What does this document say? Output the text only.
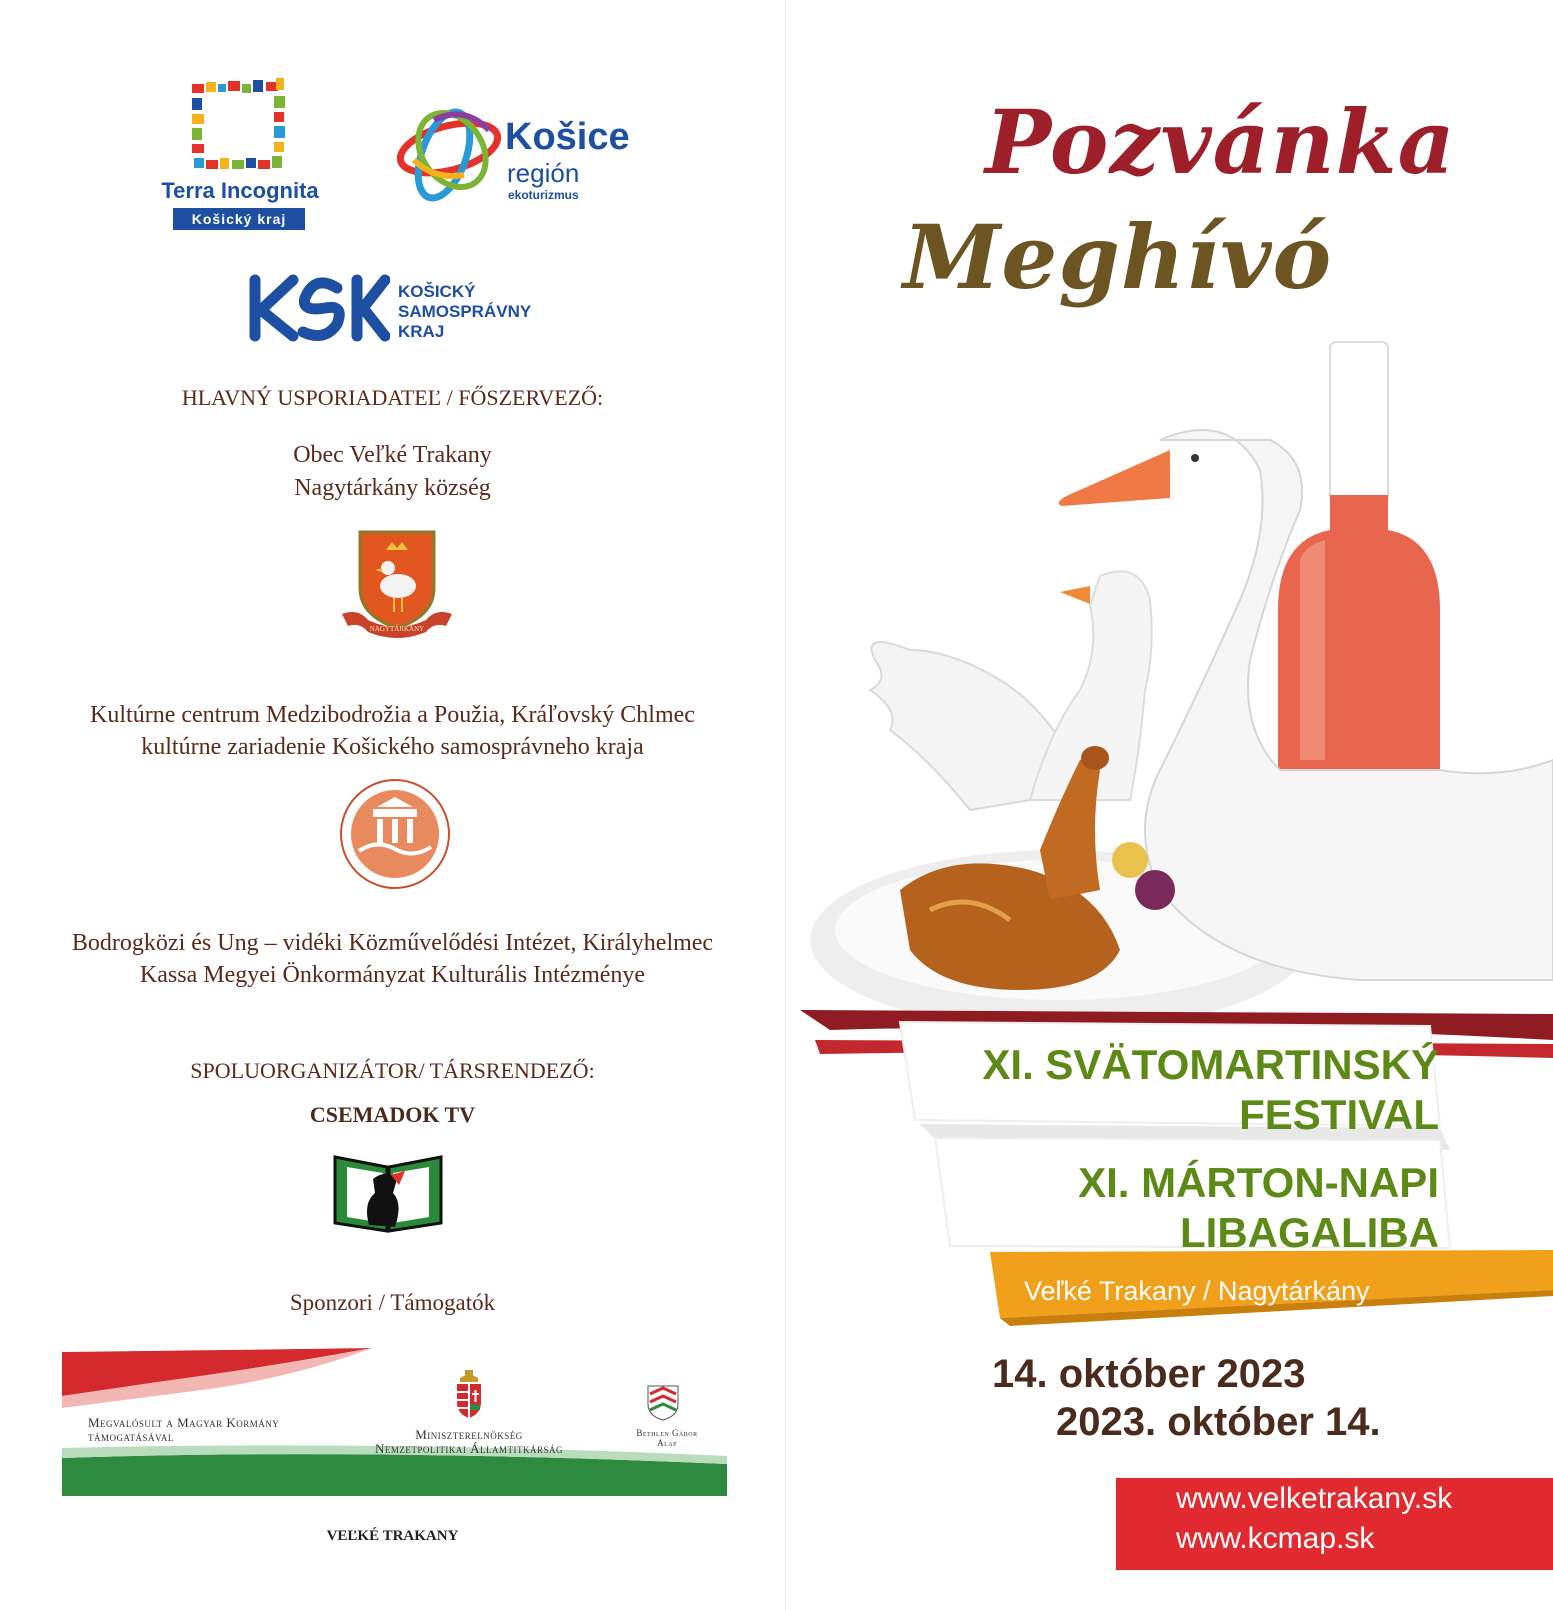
Terra Incognita
Košický kraj
Košice
región
ekoturizmus
KOŠICKÝ
SAMOSPRÁVNY
KRAJ
HLAVNÝ USPORIADATEĽ / FŐSZERVEZŐ:
Obec Veľké Trakany
Nagytárkány község
NAGYTÁRKÁNY
Kultúrne centrum Medzibodrožia a Použia, Kráľovský Chlmec
kultúrne zariadenie Košického samosprávneho kraja
Bodrogközi és Ung – vidéki Közművelődési Intézet, Királyhelmec
Kassa Megyei Önkormányzat Kulturális Intézménye
SPOLUORGANIZÁTOR/ TÁRSRENDEZŐ:
CSEMADOK TV
Sponzori / Támogatók
Megvalósult a Magyar Kormány
támogatásával	Miniszterelnökség
Nemzetpolitikai Államtitkárság
Bethlen Gábor
Alap
VEĽKÉ TRAKANY
Pozvánka
Meghívó
XI. SVÄTOMARTINSKÝ
FESTIVAL
XI. MÁRTON-NAPI
LIBAGALIBA
Veľké Trakany / Nagytárkány
14. október 2023
2023. október 14.
www.velketrakany.sk
www.kcmap.sk
